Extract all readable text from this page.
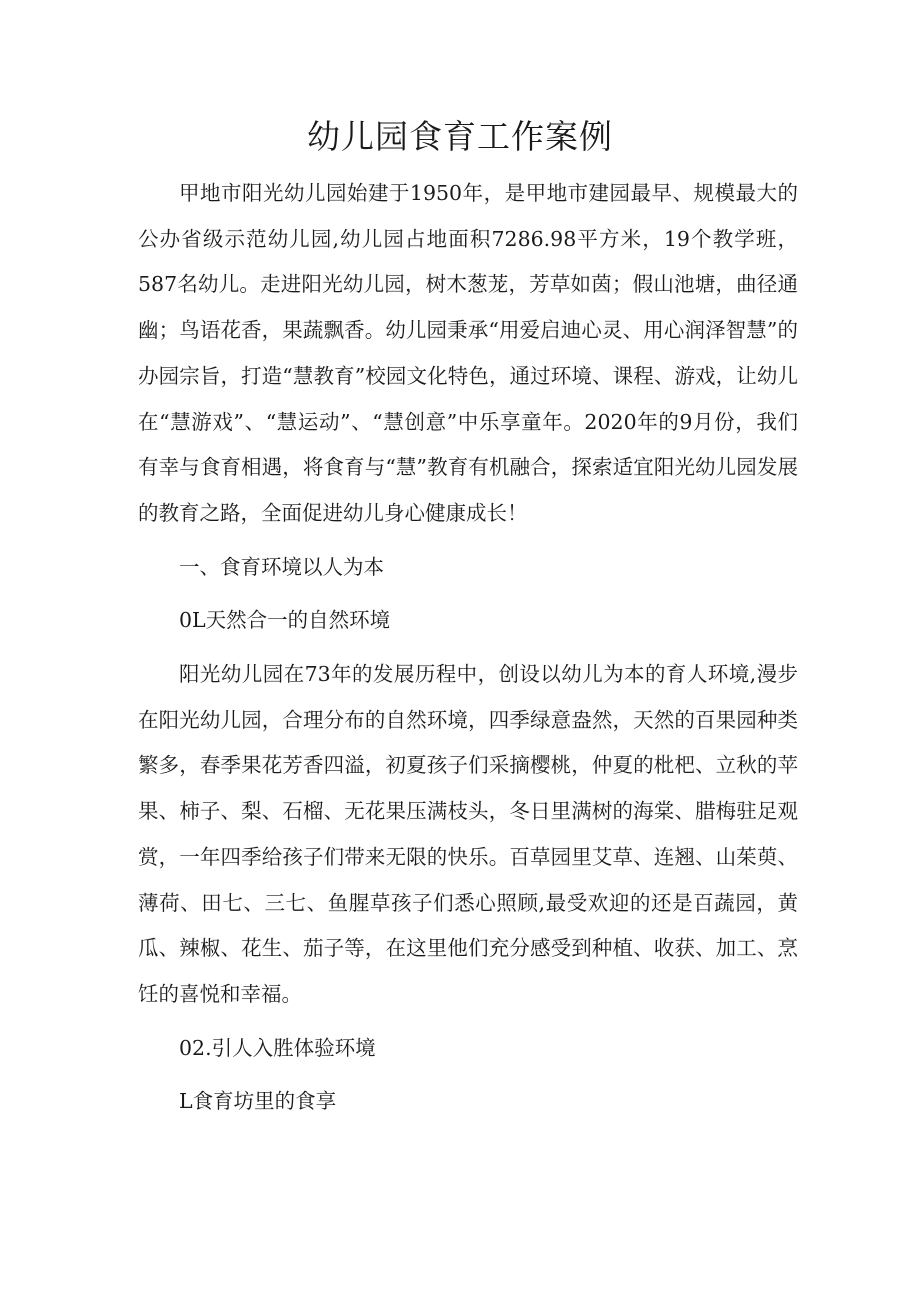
幼儿园食育工作案例

甲地市阳光幼儿园始建于1950年，是甲地市建园最早、规模最大的公办省级示范幼儿园,幼儿园占地面积7286.98平方米，19个教学班，587名幼儿。走进阳光幼儿园，树木葱茏，芳草如茵；假山池塘，曲径通幽；鸟语花香，果蔬飘香。幼儿园秉承“用爱启迪心灵、用心润泽智慧”的办园宗旨，打造“慧教育”校园文化特色，通过环境、课程、游戏，让幼儿在“慧游戏”、“慧运动”、“慧创意”中乐享童年。2020年的9月份，我们有幸与食育相遇，将食育与“慧”教育有机融合，探索适宜阳光幼儿园发展的教育之路，全面促进幼儿身心健康成长！

一、食育环境以人为本

0L天然合一的自然环境

阳光幼儿园在73年的发展历程中，创设以幼儿为本的育人环境,漫步在阳光幼儿园，合理分布的自然环境，四季绿意盎然，天然的百果园种类繁多，春季果花芳香四溢，初夏孩子们采摘樱桃，仲夏的枇杷、立秋的苹果、柿子、梨、石榴、无花果压满枝头，冬日里满树的海棠、腊梅驻足观赏，一年四季给孩子们带来无限的快乐。百草园里艾草、连翘、山茱萸、薄荷、田七、三七、鱼腥草孩子们悉心照顾,最受欢迎的还是百蔬园，黄瓜、辣椒、花生、茄子等，在这里他们充分感受到种植、收获、加工、烹饪的喜悦和幸福。

02.引人入胜体验环境

L食育坊里的食享
